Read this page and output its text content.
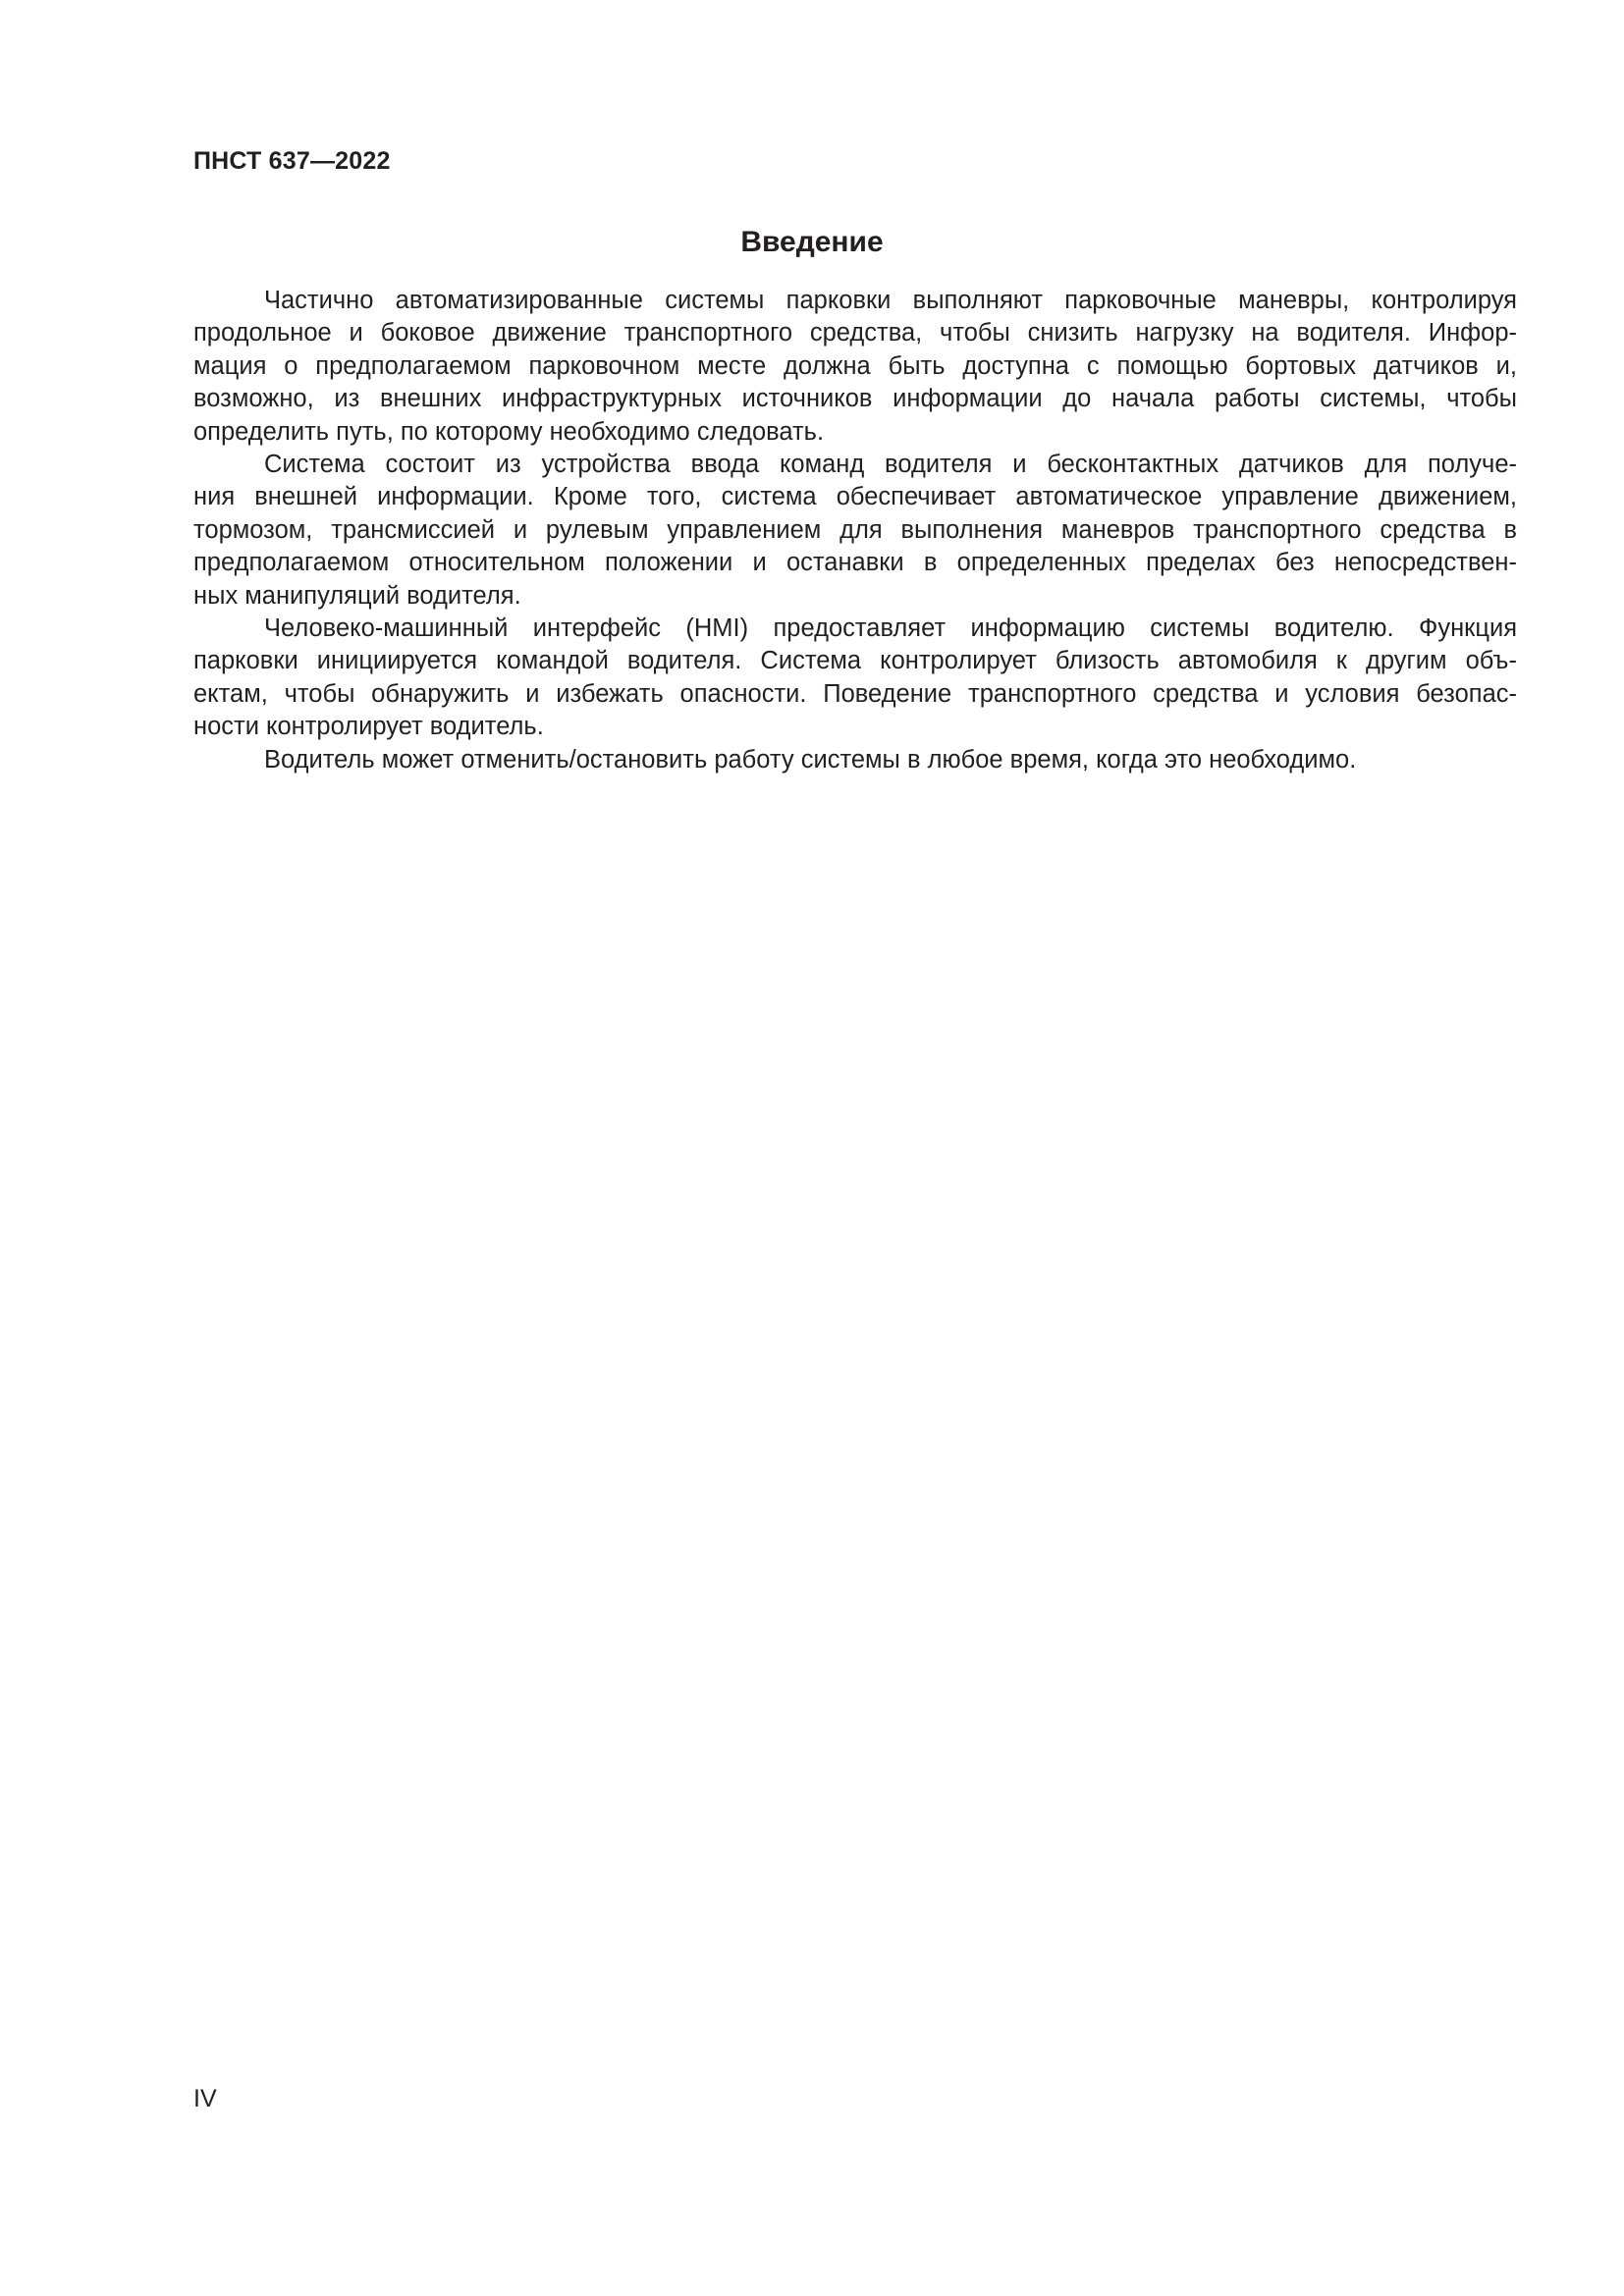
ПНСТ 637—2022
Введение

Частично автоматизированные системы парковки выполняют парковочные маневры, контролируя
продольное и боковое движение транспортного средства, чтобы снизить нагрузку на водителя. Инфор-
мация о предполагаемом парковочном месте должна быть доступна с помощью бортовых датчиков и,
возможно, из внешних инфраструктурных источников информации до начала работы системы, чтобы
определить путь, по которому необходимо следовать.

Система состоит из устройства ввода команд водителя и бесконтактных датчиков для получе-
ния внешней информации. Кроме того, система обеспечивает автоматическое управление движением,
тормозом, трансмиссией и рулевым управлением для выполнения маневров транспортного средства в
предполагаемом относительном положении и останавки в определенных пределах без непосредствен-
ных манипуляций водителя.

Человеко-машинный интерфейс (HMI) предоставляет информацию системы водителю. Функция
парковки инициируется командой водителя. Система контролирует близость автомобиля к другим объ-
ектам, чтобы обнаружить и избежать опасности. Поведение транспортного средства и условия безопас-
ности контролирует водитель.

Водитель может отменить/остановить работу системы в любое время, когда это необходимо.

IV
